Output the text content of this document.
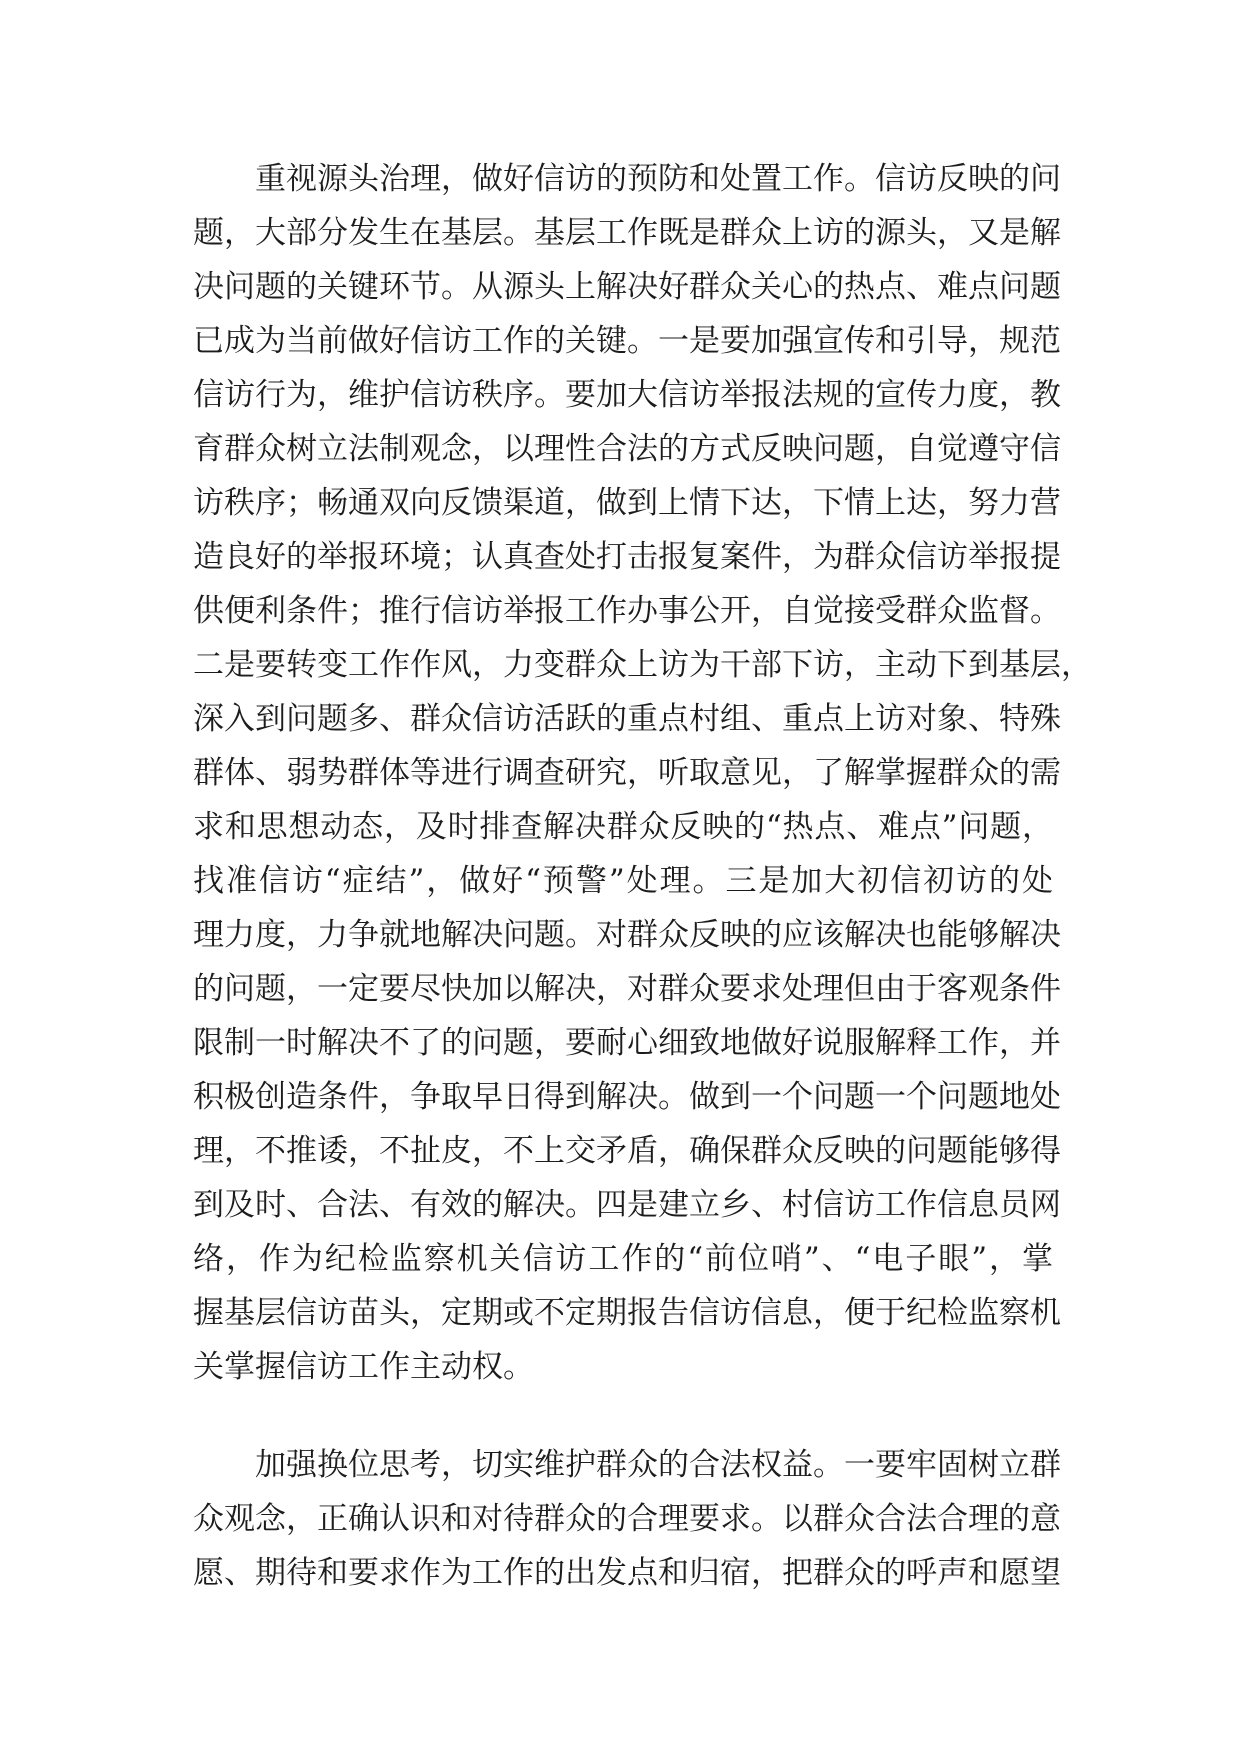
重视源头治理，做好信访的预防和处置工作。信访反映的问
题，大部分发生在基层。基层工作既是群众上访的源头，又是解
决问题的关键环节。从源头上解决好群众关心的热点、难点问题
已成为当前做好信访工作的关键。一是要加强宣传和引导，规范
信访行为，维护信访秩序。要加大信访举报法规的宣传力度，教
育群众树立法制观念，以理性合法的方式反映问题，自觉遵守信
访秩序；畅通双向反馈渠道，做到上情下达，下情上达，努力营
造良好的举报环境；认真查处打击报复案件，为群众信访举报提
供便利条件；推行信访举报工作办事公开，自觉接受群众监督。
二是要转变工作作风，力变群众上访为干部下访，主动下到基层，
深入到问题多、群众信访活跃的重点村组、重点上访对象、特殊
群体、弱势群体等进行调查研究，听取意见，了解掌握群众的需
求和思想动态，及时排查解决群众反映的“热点、难点”问题，
找准信访“症结”，做好“预警”处理。三是加大初信初访的处
理力度，力争就地解决问题。对群众反映的应该解决也能够解决
的问题，一定要尽快加以解决，对群众要求处理但由于客观条件
限制一时解决不了的问题，要耐心细致地做好说服解释工作，并
积极创造条件，争取早日得到解决。做到一个问题一个问题地处
理，不推诿，不扯皮，不上交矛盾，确保群众反映的问题能够得
到及时、合法、有效的解决。四是建立乡、村信访工作信息员网
络，作为纪检监察机关信访工作的“前位哨”、“电子眼”，掌
握基层信访苗头，定期或不定期报告信访信息，便于纪检监察机
关掌握信访工作主动权。
加强换位思考，切实维护群众的合法权益。一要牢固树立群
众观念，正确认识和对待群众的合理要求。以群众合法合理的意
愿、期待和要求作为工作的出发点和归宿，把群众的呼声和愿望
